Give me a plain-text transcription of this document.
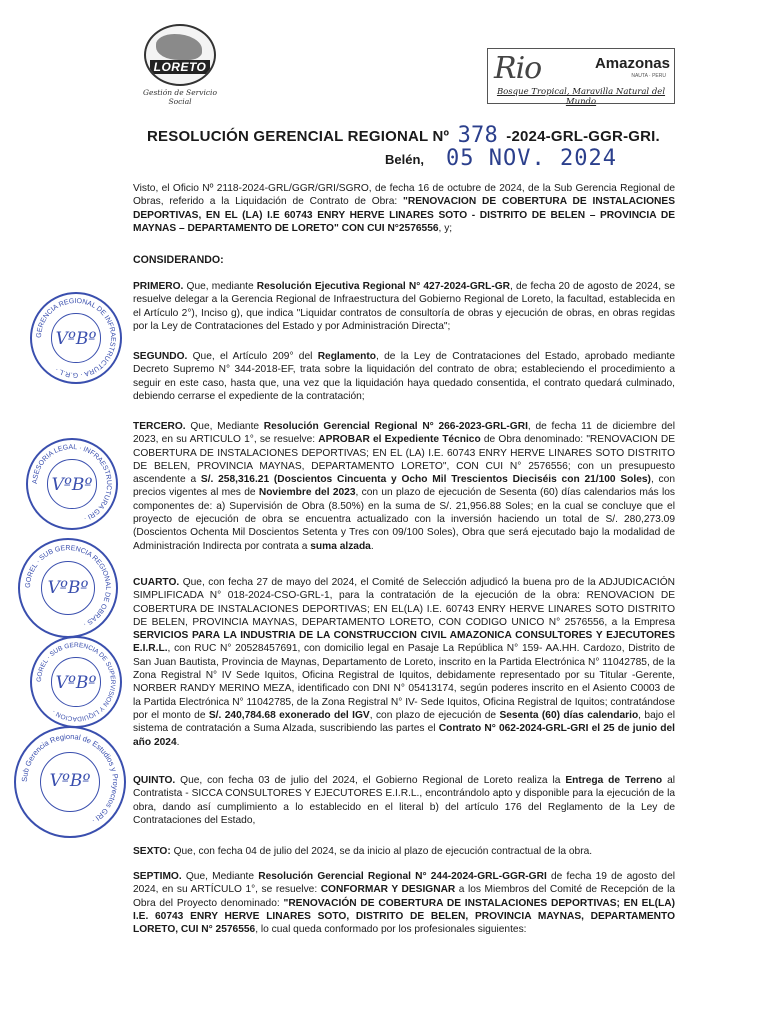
LORETO
Gestión de Servicio Social
Rio	Amazonas
NAUTA · PERU
Bosque Tropical, Maravilla Natural del Mundo
RESOLUCIÓN GERENCIAL REGIONAL Nº 378 -2024-GRL-GGR-GRI.
Belén, 05 NOV. 2024
Visto, el Oficio Nº 2118-2024-GRL/GGR/GRI/SGRO, de fecha 16 de octubre de 2024, de la Sub Gerencia Regional de Obras, referido a la Liquidación de Contrato de Obra: "RENOVACION DE COBERTURA DE INSTALACIONES DEPORTIVAS, EN EL (LA) I.E 60743 ENRY HERVE LINARES SOTO - DISTRITO DE BELEN – PROVINCIA DE MAYNAS – DEPARTAMENTO DE LORETO" CON CUI N°2576556, y;
CONSIDERANDO:
PRIMERO. Que, mediante Resolución Ejecutiva Regional N° 427-2024-GRL-GR, de fecha 20 de agosto de 2024, se resuelve delegar a la Gerencia Regional de Infraestructura del Gobierno Regional de Loreto, la facultad, establecida en el Artículo 2°), Inciso g), que indica "Liquidar contratos de consultoría de obras y ejecución de obras, en obras regidas por la Ley de Contrataciones del Estado y por Administración Directa";
SEGUNDO. Que, el Artículo 209° del Reglamento, de la Ley de Contrataciones del Estado, aprobado mediante Decreto Supremo N° 344-2018-EF, trata sobre la liquidación del contrato de obra; estableciendo el procedimiento a seguir en este caso, hasta que, una vez que la liquidación haya quedado consentida, el contrato quedará culminado, debiendo cerrarse el expediente de la contratación;
TERCERO. Que, Mediante Resolución Gerencial Regional N° 266-2023-GRL-GRI, de fecha 11 de diciembre del 2023, en su ARTICULO 1°, se resuelve: APROBAR el Expediente Técnico de Obra denominado: "RENOVACION DE COBERTURA DE INSTALACIONES DEPORTIVAS; EN EL (LA) I.E. 60743 ENRY HERVE LINARES SOTO DISTRITO DE BELEN, PROVINCIA MAYNAS, DEPARTAMENTO LORETO", CON CUI N° 2576556; con un presupuesto ascendente a S/. 258,316.21 (Doscientos Cincuenta y Ocho Mil Trescientos Dieciséis con 21/100 Soles), con precios vigentes al mes de Noviembre del 2023, con un plazo de ejecución de Sesenta (60) días calendarios más los componentes de: a) Supervisión de Obra (8.50%) en la suma de S/. 21,956.88 Soles; en la cual se concluye que el proyecto de ejecución de obra se encuentra actualizado con la inversión haciendo un total de S/. 280,273.09 (Doscientos Ochenta Mil Doscientos Setenta y Tres con 09/100 Soles), Obra que será ejecutado bajo la modalidad de Administración Indirecta por contrata a suma alzada.
CUARTO. Que, con fecha 27 de mayo del 2024, el Comité de Selección adjudicó la buena pro de la ADJUDICACIÓN SIMPLIFICADA N° 018-2024-CSO-GRL-1, para la contratación de la ejecución de la obra: RENOVACION DE COBERTURA DE INSTALACIONES DEPORTIVAS; EN EL(LA) I.E. 60743 ENRY HERVE LINARES SOTO DISTRITO DE BELEN, PROVINCIA MAYNAS, DEPARTAMENTO LORETO, CON CODIGO UNICO N° 2576556, a la Empresa SERVICIOS PARA LA INDUSTRIA DE LA CONSTRUCCION CIVIL AMAZONICA CONSULTORES Y EJECUTORES E.I.R.L., con RUC N° 20528457691, con domicilio legal en Pasaje La República N° 159- AA.HH. Cardozo, Distrito de San Juan Bautista, Provincia de Maynas, Departamento de Loreto, inscrito en la Partida Electrónica N° 11042785, de la Zona Registral N° IV Sede Iquitos, Oficina Registral de Iquitos, debidamente representado por su Titular -Gerente, NORBER RANDY MERINO MEZA, identificado con DNI N° 05413174, según poderes inscrito en el Asiento C0003 de la Partida Electrónica N° 11042785, de la Zona Registral N° IV- Sede Iquitos, Oficina Registral de Iquitos; contratándose por el monto de S/. 240,784.68 exonerado del IGV, con plazo de ejecución de Sesenta (60) días calendario, bajo el sistema de contratación a Suma Alzada, suscribiendo las partes el Contrato N° 062-2024-GRL-GRI el 25 de junio del año 2024.
QUINTO. Que, con fecha 03 de julio del 2024, el Gobierno Regional de Loreto realiza la Entrega de Terreno al Contratista - SICCA CONSULTORES Y EJECUTORES E.I.R.L., encontrándolo apto y disponible para la ejecución de la obra, dando así cumplimiento a lo establecido en el literal b) del artículo 176 del Reglamento de la Ley de Contrataciones del Estado,
SEXTO: Que, con fecha 04 de julio del 2024, se da inicio al plazo de ejecución contractual de la obra.
SEPTIMO. Que, Mediante Resolución Gerencial Regional N° 244-2024-GRL-GGR-GRI de fecha 19 de agosto del 2024, en su ARTÍCULO 1°, se resuelve: CONFORMAR Y DESIGNAR a los Miembros del Comité de Recepción de la Obra del Proyecto denominado: "RENOVACIÓN DE COBERTURA DE INSTALACIONES DEPORTIVAS; EN EL(LA) I.E. 60743 ENRY HERVE LINARES SOTO, DISTRITO DE BELEN, PROVINCIA MAYNAS, DEPARTAMENTO LORETO, CUI N° 2576556, lo cual queda conformado por los profesionales siguientes:
GERENCIA REGIONAL DE INFRAESTRUCTURA · G.R.L ·
VºBº
ASESORIA LEGAL · INFRAESTRUCTURA GRI ·
VºBº
GOREL · SUB GERENCIA REGIONAL DE OBRAS ·
VºBº
GOREL · SUB GERENCIA DE SUPERVISION Y LIQUIDACION ·
VºBº
Sub Gerencia Regional de Estudios y Proyectos GRI ·
VºBº
